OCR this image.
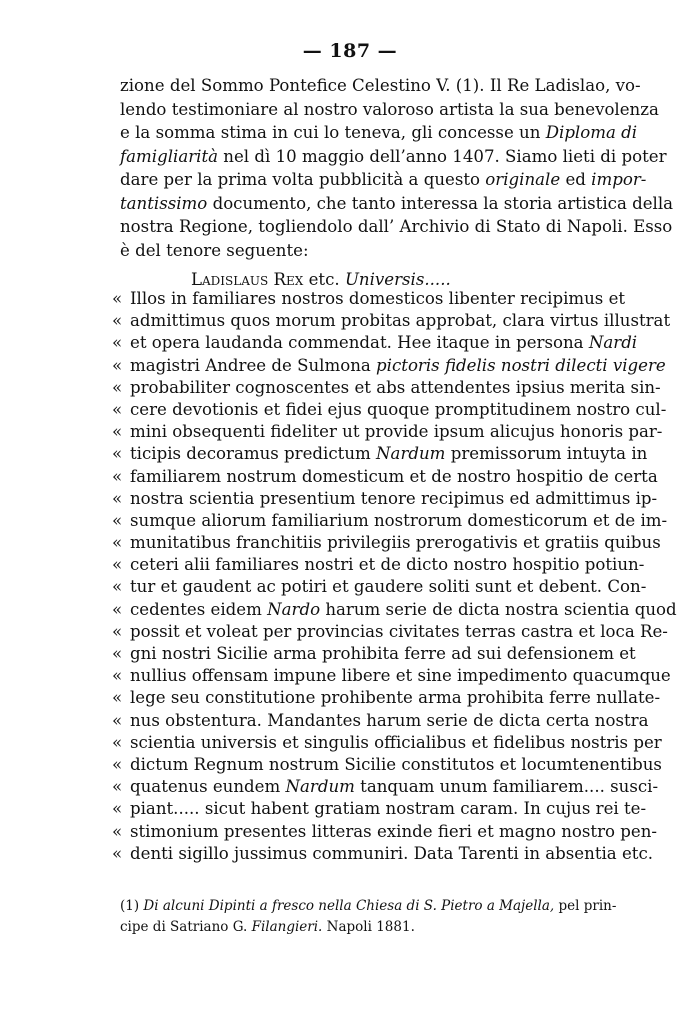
— 187 —
zione del Sommo Pontefice Celestino V. (1). Il Re Ladislao, vo-
lendo testimoniare al nostro valoroso artista la sua benevolenza
e la somma stima in cui lo teneva, gli concesse un Diploma di
famigliarità nel dì 10 maggio dell’anno 1407. Siamo lieti di poter
dare per la prima volta pubblicità a questo originale ed impor-
tantissimo documento, che tanto interessa la storia artistica della
nostra Regione, togliendolo dall’ Archivio di Stato di Napoli. Esso
è del tenore seguente:
Ladislaus Rex etc. Universis.....
« Illos in familiares nostros domesticos libenter recipimus et
« admittimus quos morum probitas approbat, clara virtus illustrat
« et opera laudanda commendat. Hee itaque in persona Nardi
« magistri Andree de Sulmona pictoris fidelis nostri dilecti vigere
« probabiliter cognoscentes et abs attendentes ipsius merita sin-
« cere devotionis et fidei ejus quoque promptitudinem nostro cul-
« mini obsequenti fideliter ut provide ipsum alicujus honoris par-
« ticipis decoramus predictum Nardum premissorum intuyta in
« familiarem nostrum domesticum et de nostro hospitio de certa
« nostra scientia presentium tenore recipimus ed admittimus ip-
« sumque aliorum familiarium nostrorum domesticorum et de im-
« munitatibus franchitiis privilegiis prerogativis et gratiis quibus
« ceteri alii familiares nostri et de dicto nostro hospitio potiun-
« tur et gaudent ac potiri et gaudere soliti sunt et debent. Con-
« cedentes eidem Nardo harum serie de dicta nostra scientia quod
« possit et voleat per provincias civitates terras castra et loca Re-
« gni nostri Sicilie arma prohibita ferre ad sui defensionem et
« nullius offensam impune libere et sine impedimento quacumque
« lege seu constitutione prohibente arma prohibita ferre nullate-
« nus obstentura. Mandantes harum serie de dicta certa nostra
« scientia universis et singulis officialibus et fidelibus nostris per
« dictum Regnum nostrum Sicilie constitutos et locumtenentibus
« quatenus eundem Nardum tanquam unum familiarem.... susci-
« piant..... sicut habent gratiam nostram caram. In cujus rei te-
« stimonium presentes litteras exinde fieri et magno nostro pen-
« denti sigillo jussimus communiri. Data Tarenti in absentia etc.
(1) Di alcuni Dipinti a fresco nella Chiesa di S. Pietro a Majella, pel prin-
cipe di Satriano G. Filangieri. Napoli 1881.
